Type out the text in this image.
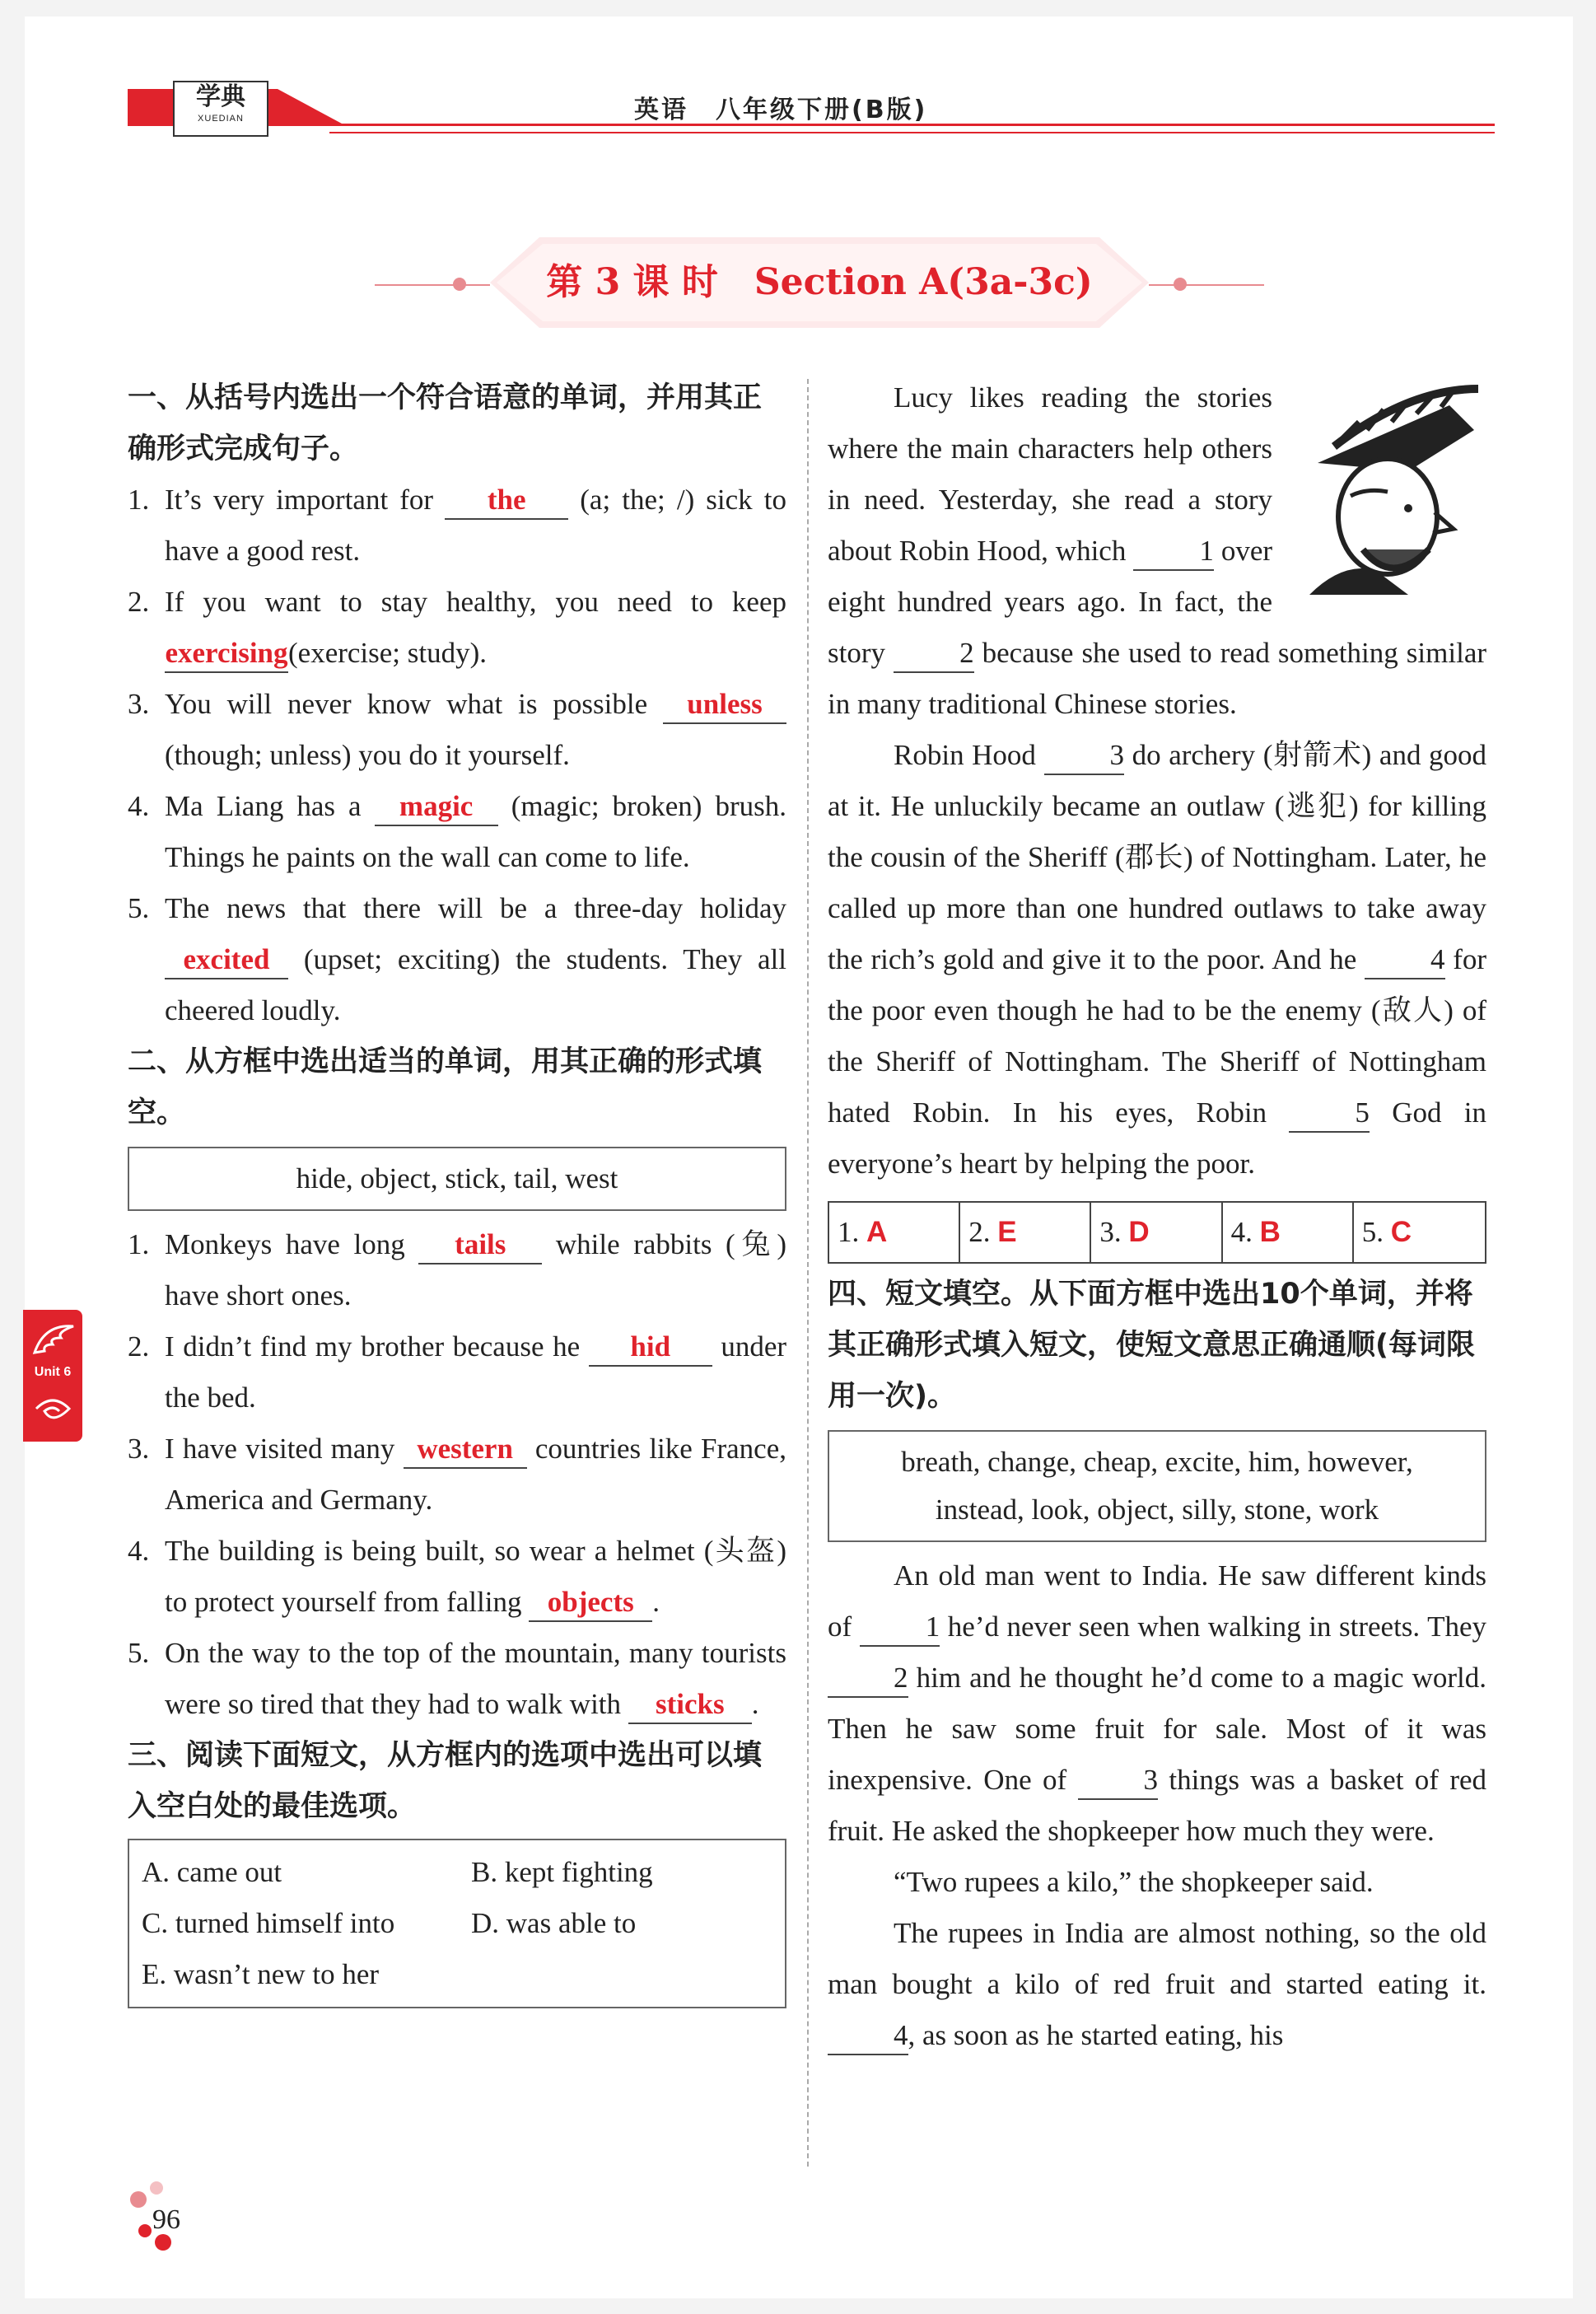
学典
XUEDIAN	英语　八年级下册(B版)
第 3 课 时　Section A(3a-3c)

一、从括号内选出一个符合语意的单词，并用其正确形式完成句子。

1. It’s very important for the (a; the; /) sick to have a good rest.

2. If you want to stay healthy, you need to keep exercising(exercise; study).

3. You will never know what is possible unless (though; unless) you do it yourself.

4. Ma Liang has a magic (magic; broken) brush. Things he paints on the wall can come to life.

5. The news that there will be a three-day holiday excited (upset; exciting) the students. They all cheered loudly.

二、从方框中选出适当的单词，用其正确的形式填空。

hide, object, stick, tail, west

1. Monkeys have long tails while rabbits (兔) have short ones.

2. I didn’t find my brother because he hid under the bed.

3. I have visited many western countries like France, America and Germany.

4. The building is being built, so wear a helmet (头盔) to protect yourself from falling objects .

5. On the way to the top of the mountain, many tourists were so tired that they had to walk with sticks .

三、阅读下面短文，从方框内的选项中选出可以填入空白处的最佳选项。

A. came out	B. kept fighting
C. turned himself into	D. was able to
E. wasn’t new to her

Lucy likes reading the stories where the main characters help others in need. Yesterday, she read a story about Robin Hood, which	1 over eight hundred years ago. In fact, the story	2 because she used to read something similar in many traditional Chinese stories.

Robin Hood	3 do archery (射箭术) and good at it. He unluckily became an outlaw (逃犯) for killing the cousin of the Sheriff (郡长) of Nottingham. Later, he called up more than one hundred outlaws to take away the rich’s gold and give it to the poor. And he	4 for the poor even though he had to be the enemy (敌人) of the Sheriff of Nottingham. The Sheriff of Nottingham hated Robin. In his eyes, Robin	5 God in everyone’s heart by helping the poor.

1. A	2. E	3. D	4. B	5. C

四、短文填空。从下面方框中选出10个单词，并将其正确形式填入短文，使短文意思正确通顺(每词限用一次)。

breath, change, cheap, excite, him, however,
instead, look, object, silly, stone, work

An old man went to India. He saw different kinds of	1 he’d never seen when walking in streets. They 2 him and he thought he’d come to a magic world. Then he saw some fruit for sale. Most of it was inexpensive. One of	3 things was a basket of red fruit. He asked the shopkeeper how much they were.

“Two rupees a kilo,” the shopkeeper said.

The rupees in India are almost nothing, so the old man bought a kilo of red fruit and started eating it. 4, as soon as he started eating, his

Unit 6
96
